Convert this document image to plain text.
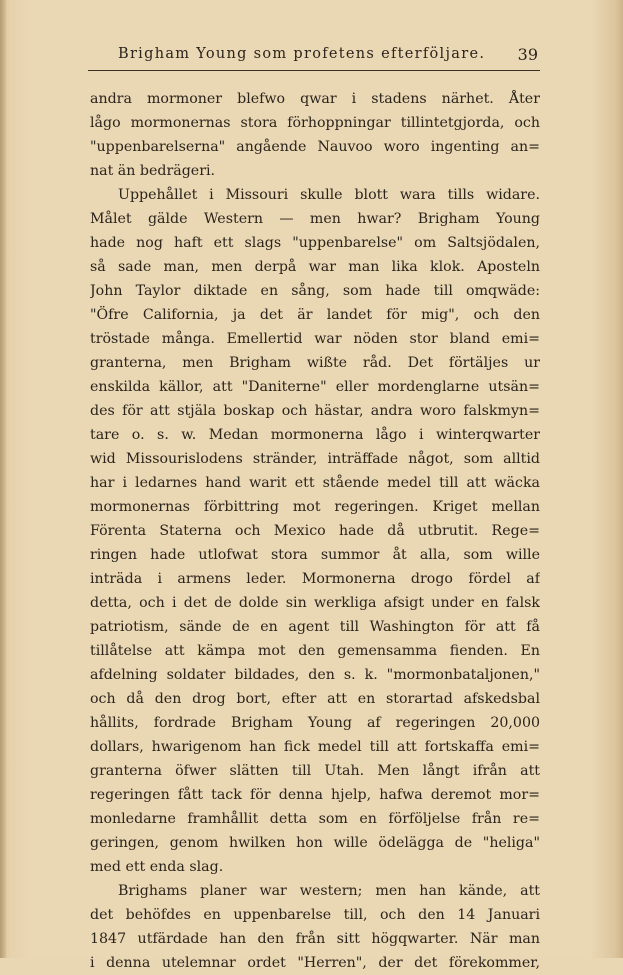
Brigham Young som profetens efterföljare. 39
andra mormoner blefwo qwar i stadens närhet. Åter
lågo mormonernas stora förhoppningar tillintetgjorda, och
"uppenbarelserna" angående Nauvoo woro ingenting an=
nat än bedrägeri.
Uppehållet i Missouri skulle blott wara tills widare.
Målet gälde Western — men hwar? Brigham Young
hade nog haft ett slags "uppenbarelse" om Saltsjödalen,
så sade man, men derpå war man lika klok. Aposteln
John Taylor diktade en sång, som hade till omqwäde:
"Öfre California, ja det är landet för mig", och den
tröstade många. Emellertid war nöden stor bland emi=
granterna, men Brigham wißte råd. Det förtäljes ur
enskilda källor, att "Daniterne" eller mordenglarne utsän=
des för att stjäla boskap och hästar, andra woro falskmyn=
tare o. s. w. Medan mormonerna lågo i winterqwarter
wid Missourislodens stränder, inträffade något, som alltid
har i ledarnes hand warit ett stående medel till att wäcka
mormonernas förbittring mot regeringen. Kriget mellan
Förenta Staterna och Mexico hade då utbrutit. Rege=
ringen hade utlofwat stora summor åt alla, som wille
inträda i armens leder. Mormonerna drogo fördel af
detta, och i det de dolde sin werkliga afsigt under en falsk
patriotism, sände de en agent till Washington för att få
tillåtelse att kämpa mot den gemensamma fienden. En
afdelning soldater bildades, den s. k. "mormonbataljonen,"
och då den drog bort, efter att en storartad afskedsbal
hållits, fordrade Brigham Young af regeringen 20,000
dollars, hwarigenom han fick medel till att fortskaffa emi=
granterna öfwer slätten till Utah. Men långt ifrån att
regeringen fått tack för denna hjelp, hafwa deremot mor=
monledarne framhållit detta som en förföljelse från re=
geringen, genom hwilken hon wille ödelägga de "heliga"
med ett enda slag.
Brighams planer war western; men han kände, att
det behöfdes en uppenbarelse till, och den 14 Januari
1847 utfärdade han den från sitt högqwarter. När man
i denna utelemnar ordet "Herren", der det förekommer,
